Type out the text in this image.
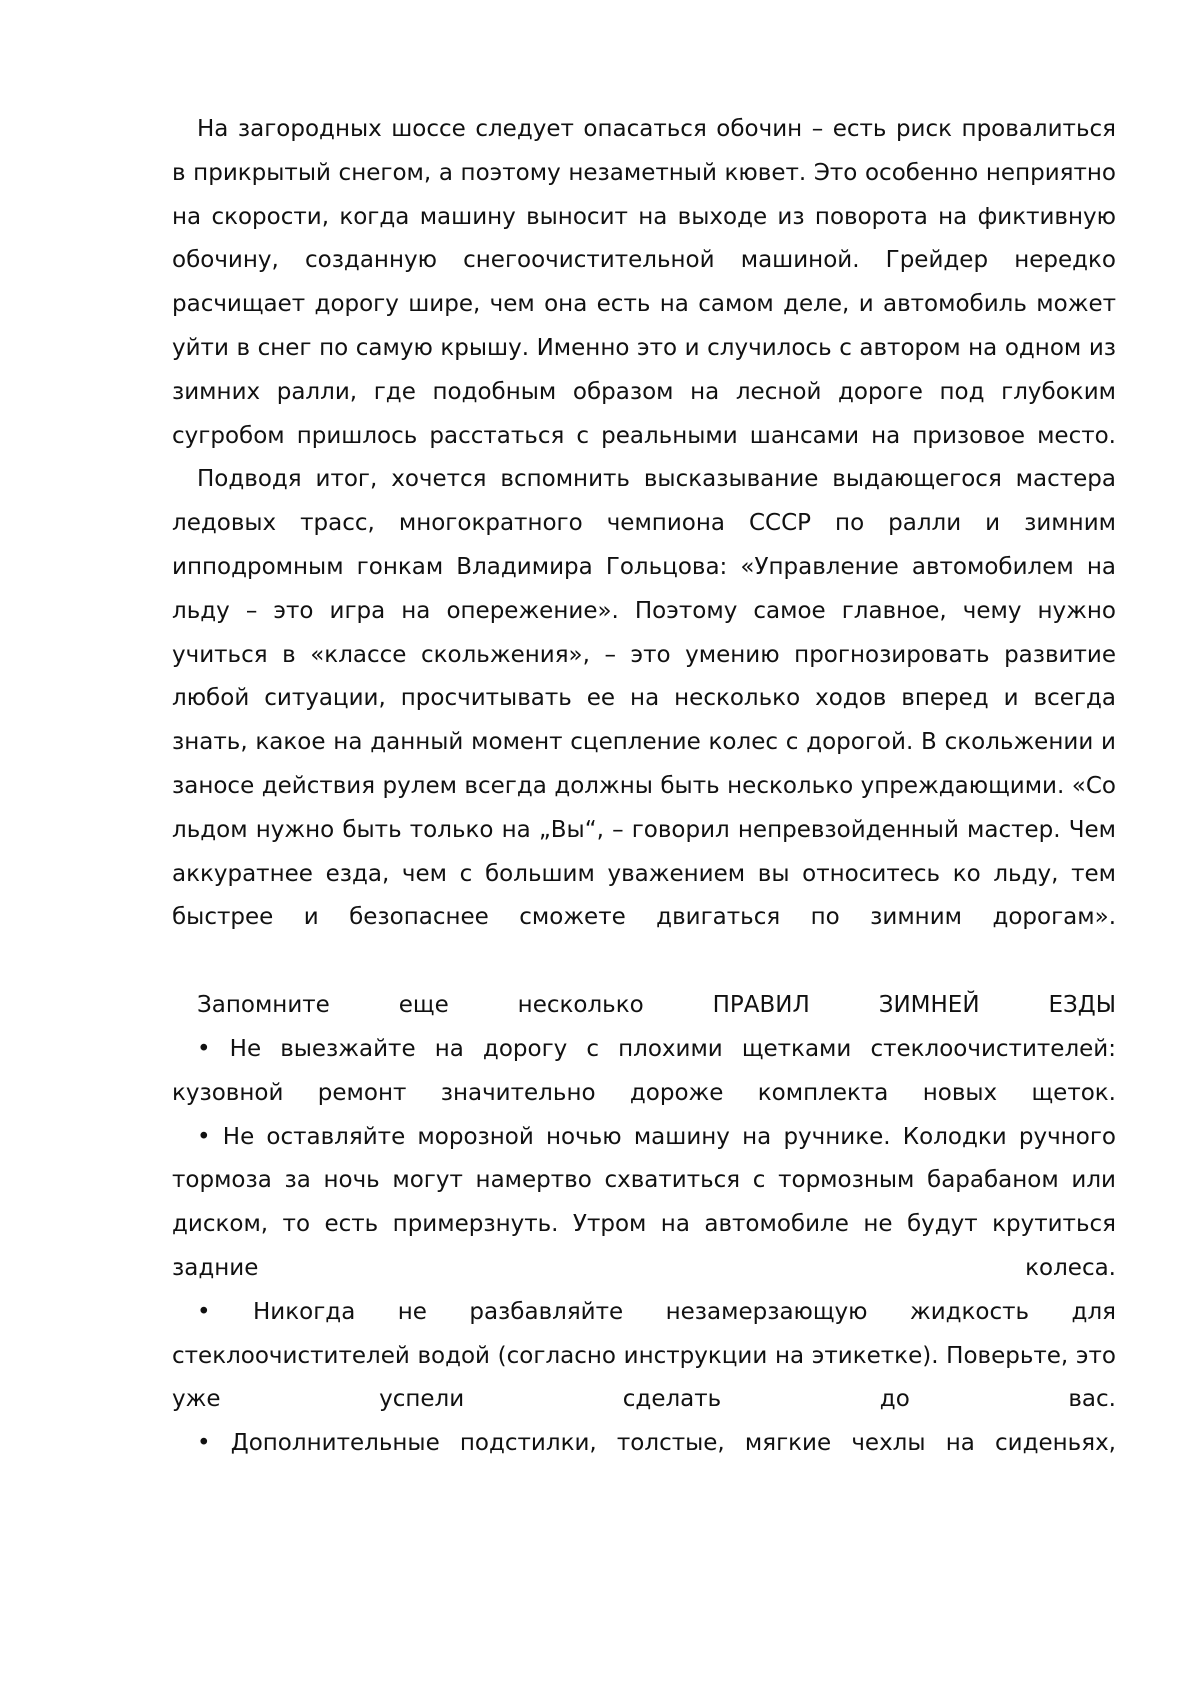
На загородных шоссе следует опасаться обочин – есть риск провалиться в прикрытый снегом, а поэтому незаметный кювет. Это особенно неприятно на скорости, когда машину выносит на выходе из поворота на фиктивную обочину, созданную снегоочистительной машиной. Грейдер нередко расчищает дорогу шире, чем она есть на самом деле, и автомобиль может уйти в снег по самую крышу. Именно это и случилось с автором на одном из зимних ралли, где подобным образом на лесной дороге под глубоким сугробом пришлось расстаться с реальными шансами на призовое место.

Подводя итог, хочется вспомнить высказывание выдающегося мастера ледовых трасс, многократного чемпиона СССР по ралли и зимним ипподромным гонкам Владимира Гольцова: «Управление автомобилем на льду – это игра на опережение». Поэтому самое главное, чему нужно учиться в «классе скольжения», – это умению прогнозировать развитие любой ситуации, просчитывать ее на несколько ходов вперед и всегда знать, какое на данный момент сцепление колес с дорогой. В скольжении и заносе действия рулем всегда должны быть несколько упреждающими. «Со льдом нужно быть только на „Вы“, – говорил непревзойденный мастер. Чем аккуратнее езда, чем с большим уважением вы относитесь ко льду, тем быстрее и безопаснее сможете двигаться по зимним дорогам».

Запомните еще несколько ПРАВИЛ ЗИМНЕЙ ЕЗДЫ

• Не выезжайте на дорогу с плохими щетками стеклоочистителей: кузовной ремонт значительно дороже комплекта новых щеток.

• Не оставляйте морозной ночью машину на ручнике. Колодки ручного тормоза за ночь могут намертво схватиться с тормозным барабаном или диском, то есть примерзнуть. Утром на автомобиле не будут крутиться задние колеса.

• Никогда не разбавляйте незамерзающую жидкость для стеклоочистителей водой (согласно инструкции на этикетке). Поверьте, это уже успели сделать до вас.

• Дополнительные подстилки, толстые, мягкие чехлы на сиденьях,
